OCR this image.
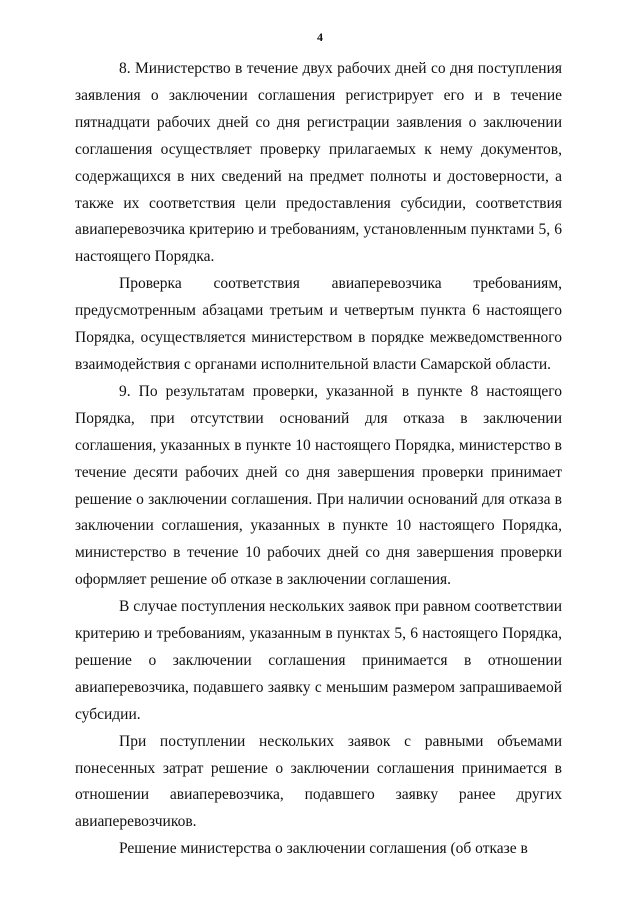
4

8. Министерство в течение двух рабочих дней со дня поступления заявления о заключении соглашения регистрирует его и в течение пятнадцати рабочих дней со дня регистрации заявления о заключении соглашения осуществляет проверку прилагаемых к нему документов, содержащихся в них сведений на предмет полноты и достоверности, а также их соответствия цели предоставления субсидии, соответствия авиаперевозчика критерию и требованиям, установленным пунктами 5, 6 настоящего Порядка.

Проверка соответствия авиаперевозчика требованиям, предусмотренным абзацами третьим и четвертым пункта 6 настоящего Порядка, осуществляется министерством в порядке межведомственного взаимодействия с органами исполнительной власти Самарской области.

9. По результатам проверки, указанной в пункте 8 настоящего Порядка, при отсутствии оснований для отказа в заключении соглашения, указанных в пункте 10 настоящего Порядка, министерство в течение десяти рабочих дней со дня завершения проверки принимает решение о заключении соглашения. При наличии оснований для отказа в заключении соглашения, указанных в пункте 10 настоящего Порядка, министерство в течение 10 рабочих дней со дня завершения проверки оформляет решение об отказе в заключении соглашения.

В случае поступления нескольких заявок при равном соответствии критерию и требованиям, указанным в пунктах 5, 6 настоящего Порядка, решение о заключении соглашения принимается в отношении авиаперевозчика, подавшего заявку с меньшим размером запрашиваемой субсидии.

При поступлении нескольких заявок с равными объемами понесенных затрат решение о заключении соглашения принимается в отношении авиаперевозчика, подавшего заявку ранее других авиаперевозчиков.

Решение министерства о заключении соглашения (об отказе в
